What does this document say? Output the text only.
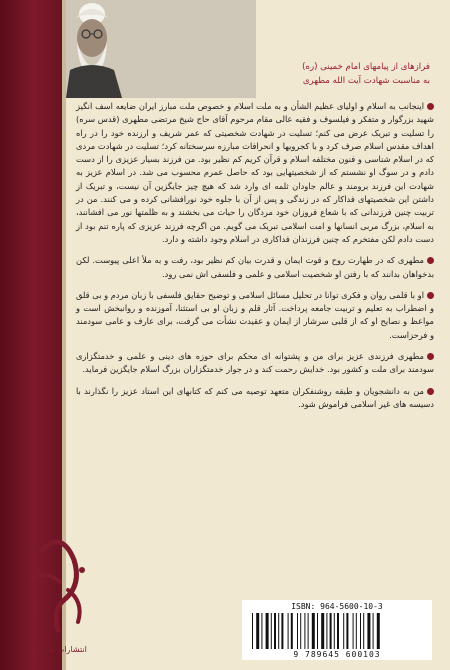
فرازهای از پیامهای امام خمینی (ره)
به مناسبت شهادت آیت الله مطهری

اینجانب به اسلام و اولیای عظیم الشأن و به ملت اسلام و خصوص ملت مبارز ایران ضایعه اسف انگیز شهید بزرگوار و متفکر و فیلسوف و فقیه عالی مقام مرحوم آقای حاج شیخ مرتضی مطهری (قدس سره) را تسلیت و تبریک عرض می کنم؛ تسلیت در شهادت شخصیتی که عمر شریف و ارزنده خود را در راه اهداف مقدس اسلام صرف کرد و با کجرویها و انحرافات مبارزه سرسختانه کرد؛ تسلیت در شهادت مردی که در اسلام شناسی و فنون مختلفه اسلام و قرآن کریم کم نظیر بود. من فرزند بسیار عزیزی را از دست دادم و در سوگ او نشستم که از شخصیتهایی بود که حاصل عمرم محسوب می شد. در اسلام عزیز به شهادت این فرزند برومند و عالم جاودان ثلمه ای وارد شد که هیچ چیز جایگزین آن نیست، و تبریک از داشتن این شخصیتهای فداکار که در زندگی و پس از آن با جلوه خود نورافشانی کرده و می کنند. من در تربیت چنین فرزندانی که با شعاع فروزان خود مردگان را حیات می بخشند و به ظلمتها نور می افشانند، به اسلام، بزرگ مربی انسانها و امت اسلامی تبریک می گویم. من اگرچه فرزند عزیزی که پاره تنم بود از دست دادم لکن مفتخرم که چنین فرزندان فداکاری در اسلام وجود داشته و دارد.

مطهری که در طهارت روح و قوت ایمان و قدرت بیان کم نظیر بود، رفت و به ملأ اعلی پیوست. لکن بدخواهان بدانند که با رفتن او شخصیت اسلامی و علمی و فلسفی اش نمی رود.

او با قلمی روان و فکری توانا در تحلیل مسائل اسلامی و توضیح حقایق فلسفی با زبان مردم و بی قلق و اضطراب به تعلیم و تربیت جامعه پرداخت. آثار قلم و زبان او بی استثنا، آموزنده و روانبخش است و مواعظ و نصایح او که از قلبی سرشار از ایمان و عقیدت نشأت می گرفت، برای عارف و عامی سودمند و فرحزاست.

مطهری فرزندی عزیز برای من و پشتوانه ای محکم برای حوزه های دینی و علمی و خدمتگزاری سودمند برای ملت و کشور بود. خدایش رحمت کند و در جوار خدمتگزاران بزرگ اسلام جایگزین فرماید.

من به دانشجویان و طبقه روشنفکران متعهد توصیه می کنم که کتابهای این استاد عزیز را نگذارند با دسیسه های غیر اسلامی فراموش شود.

انتشارات صدرا
ISBN: 964-5600-10-3
9 789645 600103
